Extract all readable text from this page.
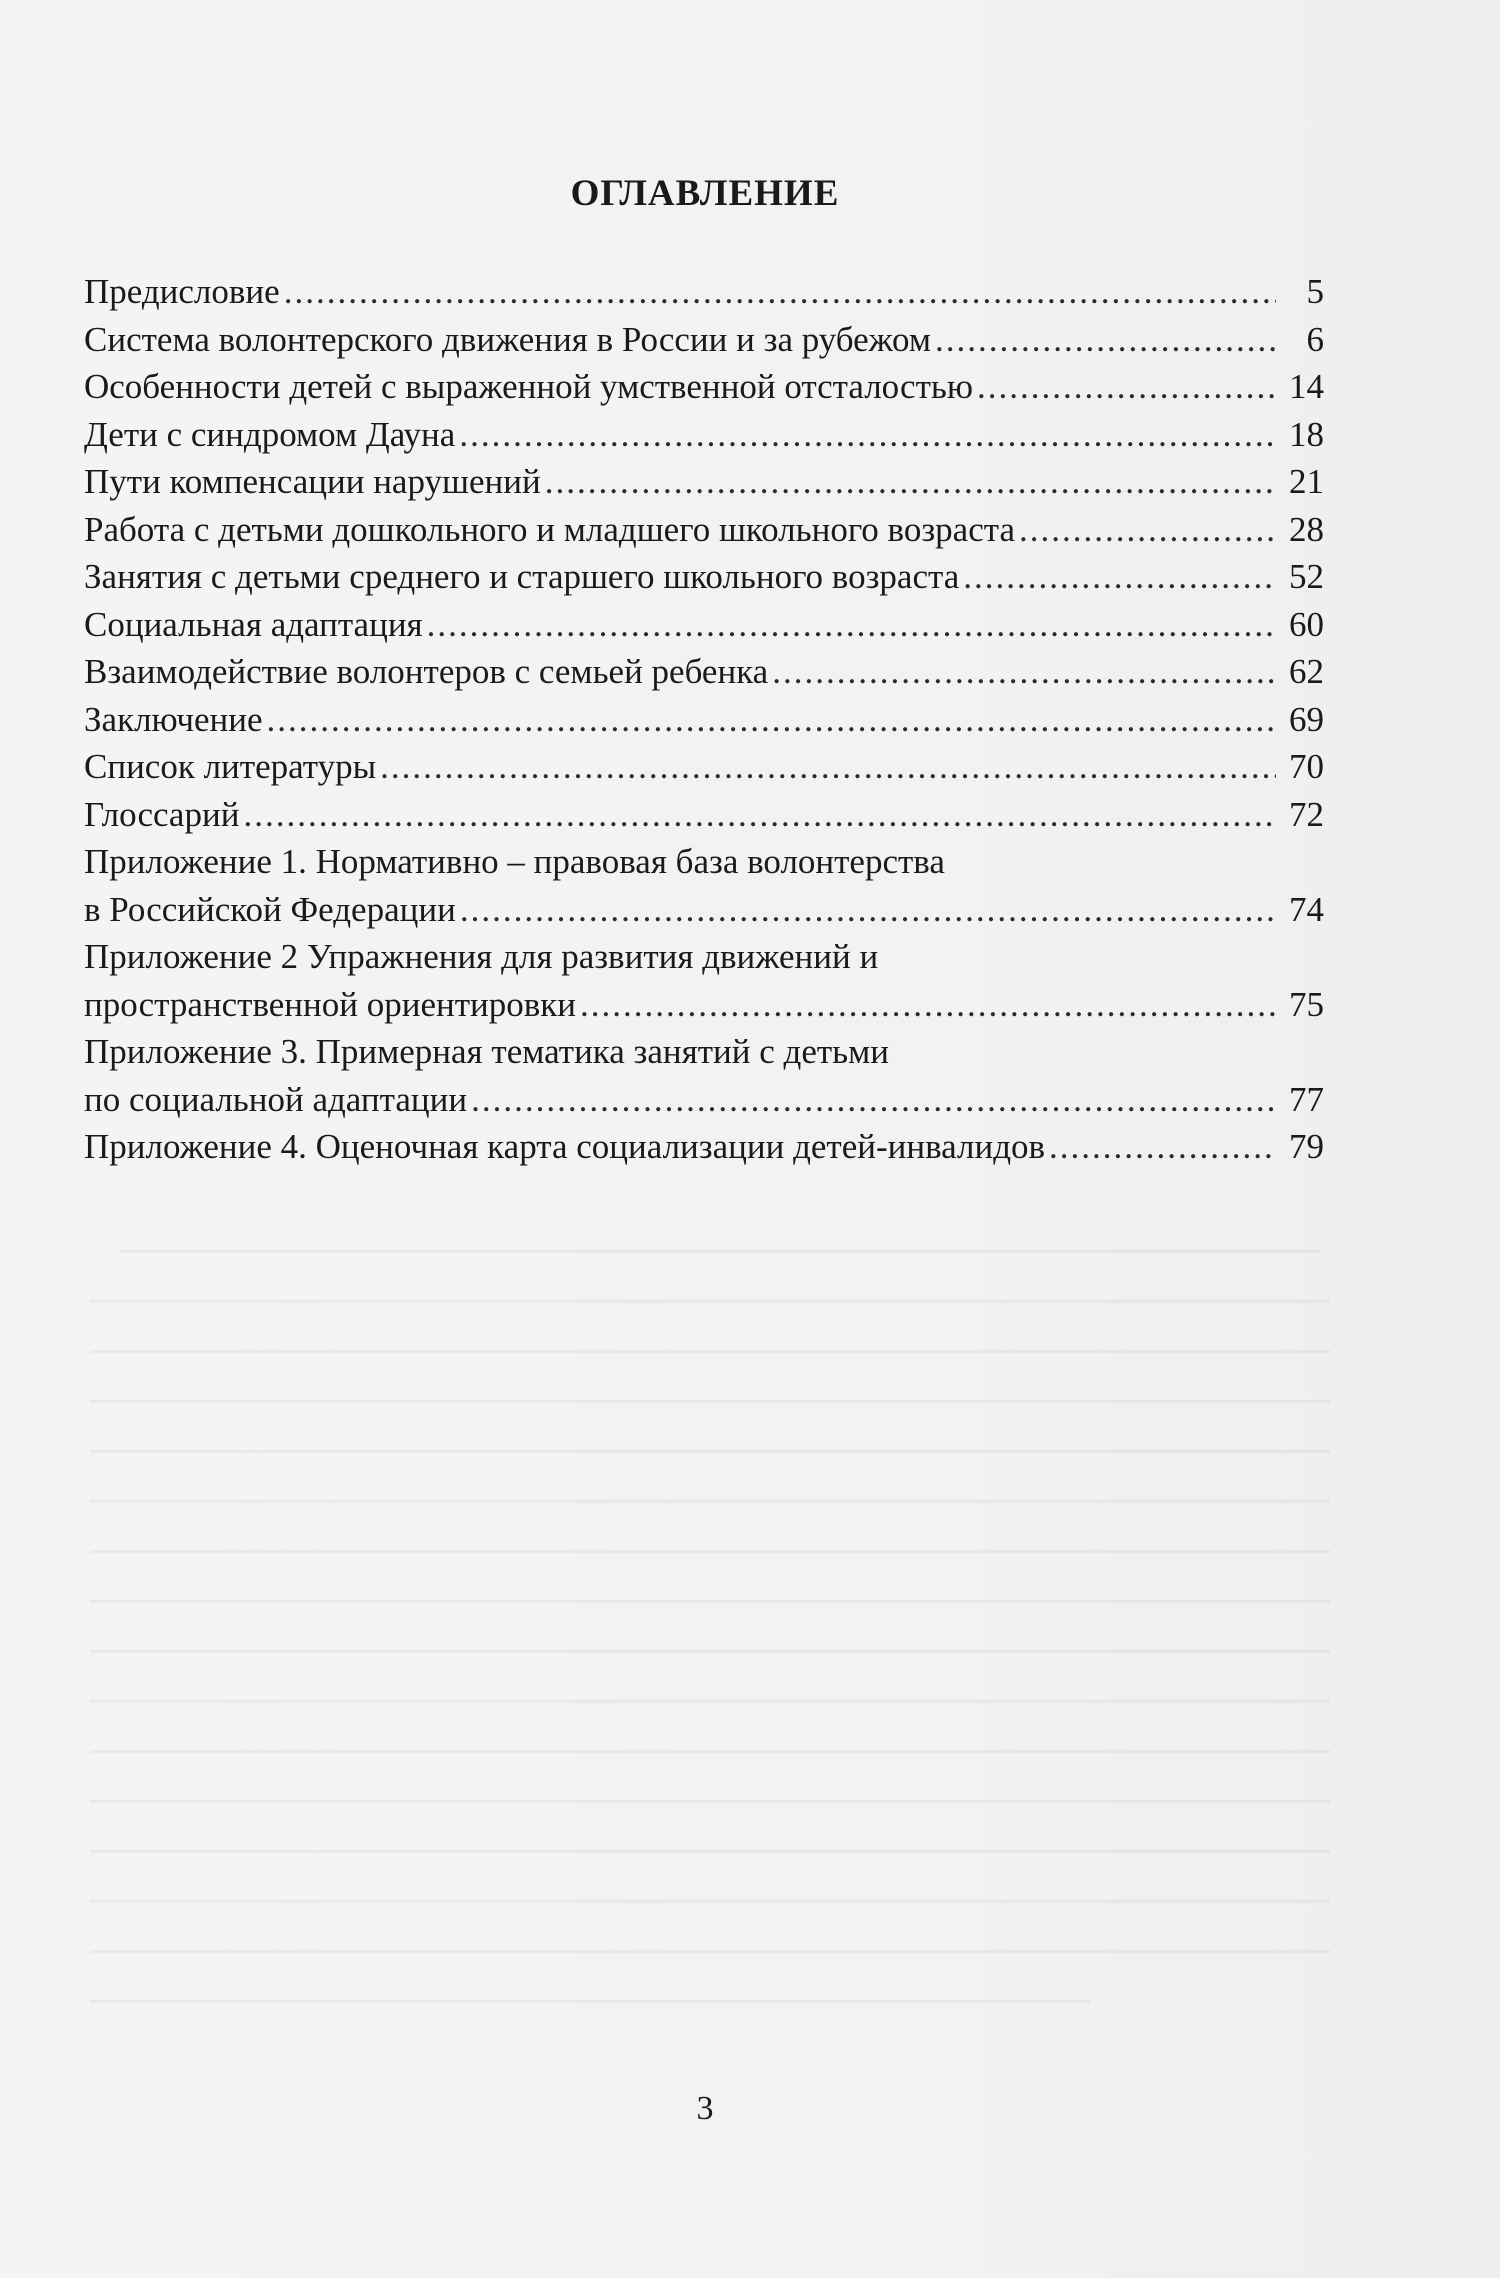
ОГЛАВЛЕНИЕ
Предисловие .....	5
Система волонтерского движения в России и за рубежом .....	6
Особенности детей с выраженной умственной отсталостью .....	14
Дети с синдромом Дауна .....	18
Пути компенсации нарушений .....	21
Работа с детьми дошкольного и младшего школьного возраста .....	28
Занятия с детьми среднего и старшего школьного возраста .....	52
Социальная адаптация .....	60
Взаимодействие волонтеров с семьей ребенка .....	62
Заключение .....	69
Список литературы .....	70
Глоссарий .....	72
Приложение 1. Нормативно – правовая база волонтерства
в Российской Федерации .....	74
Приложение 2 Упражнения для развития движений и
пространственной ориентировки .....	75
Приложение 3. Примерная тематика занятий с детьми
по социальной адаптации .....	77
Приложение 4. Оценочная карта социализации детей-инвалидов .....	79
3
